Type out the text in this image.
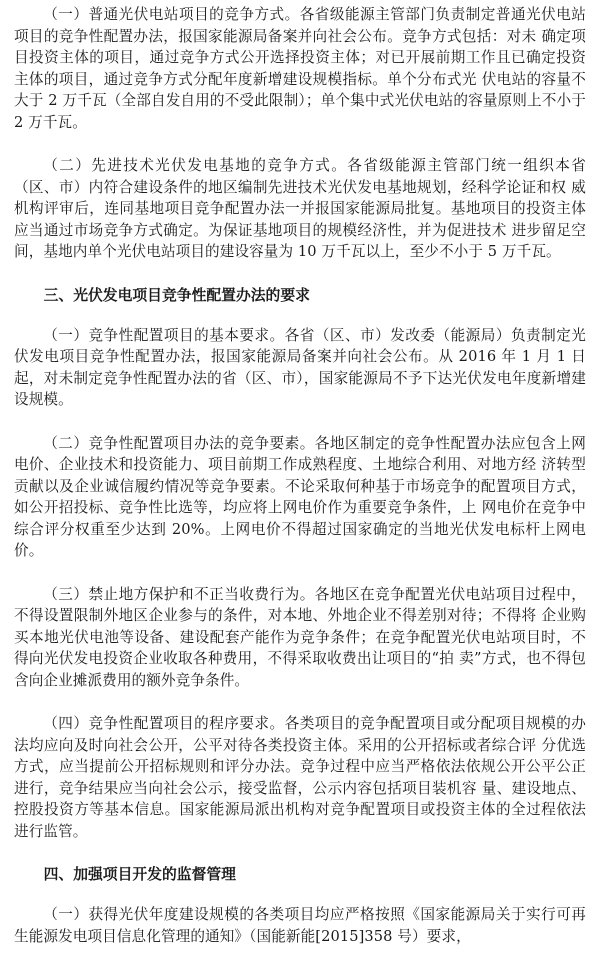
（一）普通光伏电站项目的竞争方式。各省级能源主管部门负责制定普通光伏电站项目的竞争性配置办法，报国家能源局备案并向社会公布。竞争方式包括：对未 确定项目投资主体的项目，通过竞争方式公开选择投资主体；对已开展前期工作且已确定投资主体的项目，通过竞争方式分配年度新增建设规模指标。单个分布式光 伏电站的容量不大于 2 万千瓦（全部自发自用的不受此限制）；单个集中式光伏电站的容量原则上不小于 2 万千瓦。

（二）先进技术光伏发电基地的竞争方式。各省级能源主管部门统一组织本省（区、市）内符合建设条件的地区编制先进技术光伏发电基地规划，经科学论证和权 威机构评审后，连同基地项目竞争配置办法一并报国家能源局批复。基地项目的投资主体应当通过市场竞争方式确定。为保证基地项目的规模经济性，并为促进技术 进步留足空间，基地内单个光伏电站项目的建设容量为 10 万千瓦以上，至少不小于 5 万千瓦。

三、光伏发电项目竞争性配置办法的要求

（一）竞争性配置项目的基本要求。各省（区、市）发改委（能源局）负责制定光伏发电项目竞争性配置办法，报国家能源局备案并向社会公布。从 2016 年 1 月 1 日起，对未制定竞争性配置办法的省（区、市），国家能源局不予下达光伏发电年度新增建设规模。

（二）竞争性配置项目办法的竞争要素。各地区制定的竞争性配置办法应包含上网电价、企业技术和投资能力、项目前期工作成熟程度、土地综合利用、对地方经 济转型贡献以及企业诚信履约情况等竞争要素。不论采取何种基于市场竞争的配置项目方式，如公开招投标、竞争性比选等，均应将上网电价作为重要竞争条件，上 网电价在竞争中综合评分权重至少达到 20%。上网电价不得超过国家确定的当地光伏发电标杆上网电价。

（三）禁止地方保护和不正当收费行为。各地区在竞争配置光伏电站项目过程中，不得设置限制外地区企业参与的条件，对本地、外地企业不得差别对待；不得将 企业购买本地光伏电池等设备、建设配套产能作为竞争条件；在竞争配置光伏电站项目时，不得向光伏发电投资企业收取各种费用，不得采取收费出让项目的“拍 卖”方式，也不得包含向企业摊派费用的额外竞争条件。

（四）竞争性配置项目的程序要求。各类项目的竞争配置项目或分配项目规模的办法均应向及时向社会公开，公平对待各类投资主体。采用的公开招标或者综合评 分优选方式，应当提前公开招标规则和评分办法。竞争过程中应当严格依法依规公开公平公正进行，竞争结果应当向社会公示，接受监督，公示内容包括项目装机容 量、建设地点、控股投资方等基本信息。国家能源局派出机构对竞争配置项目或投资主体的全过程依法进行监管。

四、加强项目开发的监督管理

（一）获得光伏年度建设规模的各类项目均应严格按照《国家能源局关于实行可再生能源发电项目信息化管理的通知》（国能新能[2015]358 号）要求，
